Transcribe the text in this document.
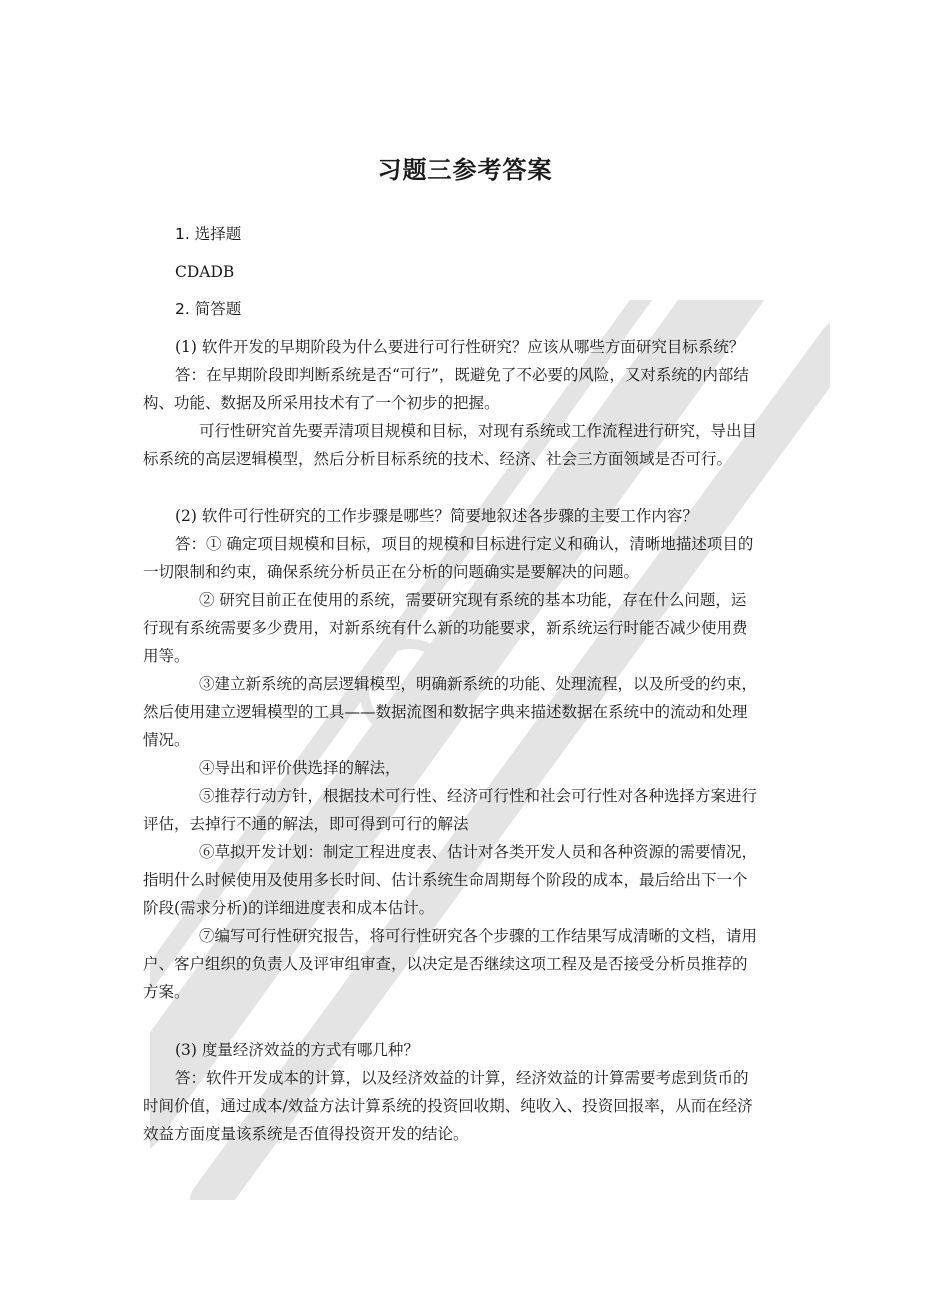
习题三参考答案
1. 选择题
CDADB
2. 简答题
(1) 软件开发的早期阶段为什么要进行可行性研究？应该从哪些方面研究目标系统？
答：在早期阶段即判断系统是否“可行”，既避免了不必要的风险，又对系统的内部结
构、功能、数据及所采用技术有了一个初步的把握。
可行性研究首先要弄清项目规模和目标，对现有系统或工作流程进行研究，导出目
标系统的高层逻辑模型，然后分析目标系统的技术、经济、社会三方面领域是否可行。
(2) 软件可行性研究的工作步骤是哪些？简要地叙述各步骤的主要工作内容？
答：① 确定项目规模和目标，项目的规模和目标进行定义和确认，清晰地描述项目的
一切限制和约束，确保系统分析员正在分析的问题确实是要解决的问题。
② 研究目前正在使用的系统，需要研究现有系统的基本功能，存在什么问题，运
行现有系统需要多少费用，对新系统有什么新的功能要求，新系统运行时能否减少使用费
用等。
③建立新系统的高层逻辑模型，明确新系统的功能、处理流程，以及所受的约束，
然后使用建立逻辑模型的工具——数据流图和数据字典来描述数据在系统中的流动和处理
情况。
④导出和评价供选择的解法，
⑤推荐行动方针，根据技术可行性、经济可行性和社会可行性对各种选择方案进行
评估，去掉行不通的解法，即可得到可行的解法
⑥草拟开发计划：制定工程进度表、估计对各类开发人员和各种资源的需要情况，
指明什么时候使用及使用多长时间、估计系统生命周期每个阶段的成本，最后给出下一个
阶段(需求分析)的详细进度表和成本估计。
⑦编写可行性研究报告，将可行性研究各个步骤的工作结果写成清晰的文档，请用
户、客户组织的负责人及评审组审查，以决定是否继续这项工程及是否接受分析员推荐的
方案。
(3) 度量经济效益的方式有哪几种？
答：软件开发成本的计算，以及经济效益的计算，经济效益的计算需要考虑到货币的
时间价值，通过成本/效益方法计算系统的投资回收期、纯收入、投资回报率，从而在经济
效益方面度量该系统是否值得投资开发的结论。
